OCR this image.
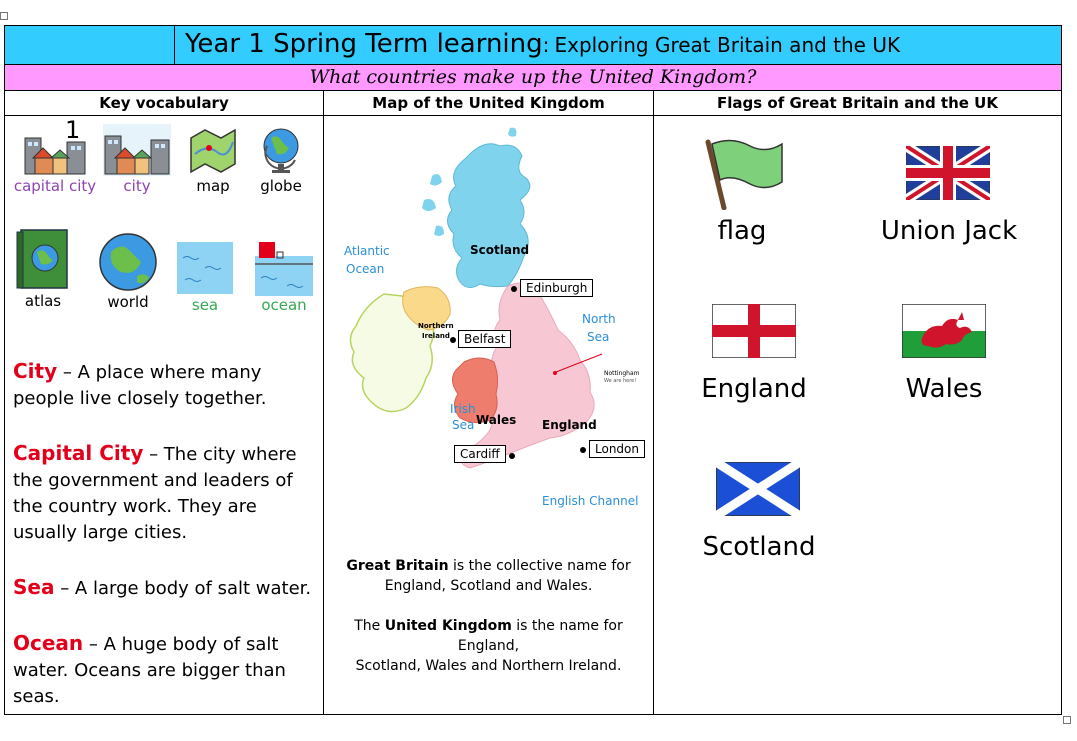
Year 1 Spring Term learning: Exploring Great Britain and the UK
What countries make up the United Kingdom?
Key vocabulary	Map of the United Kingdom	Flags of Great Britain and the UK
1
capital city	city	map	globe
atlas	world	sea	ocean
City – A place where many people live closely together.
Capital City – The city where the government and leaders of the country work. They are usually large cities.
Sea – A large body of salt water.
Ocean – A huge body of salt water. Oceans are bigger than seas.
Atlantic
Ocean
Scotland
Edinburgh
North
Sea
Northern
Ireland	Belfast
Nottingham
We are here!
Irish
Sea Wales England
Cardiff	London
English Channel
Great Britain is the collective name for
England, Scotland and Wales.
The United Kingdom is the name for England,
Scotland, Wales and Northern Ireland.
flag	Union Jack
England	Wales
Scotland
